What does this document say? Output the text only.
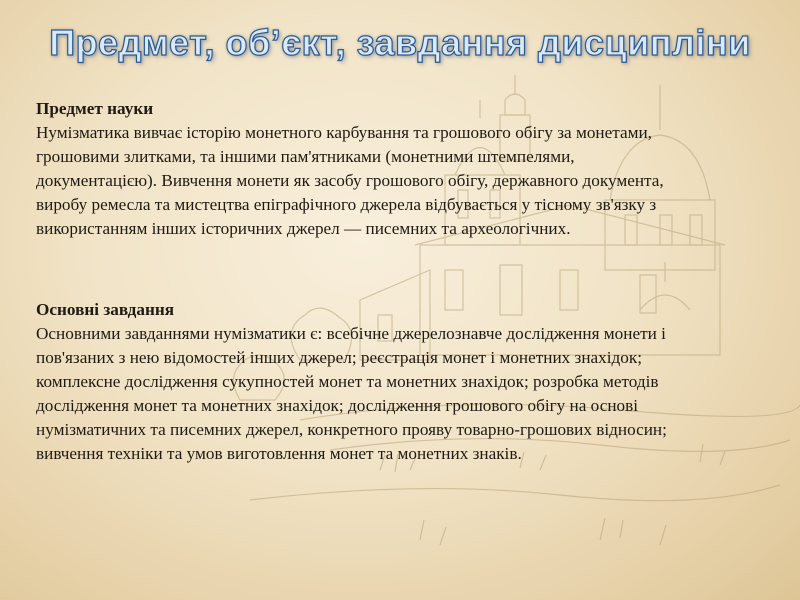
Предмет, об’єкт, завдання дисципліни
Предмет науки
Нумізматика вивчає історію монетного карбування та грошового обігу за монетами, грошовими злитками, та іншими пам'ятниками (монетними штемпелями, документацією). Вивчення монети як засобу грошового обігу, державного документа, виробу ремесла та мистецтва епіграфічного джерела відбувається у тісному зв'язку з використанням інших історичних джерел — писемних та археологічних.
Основні завдання
Основними завданнями нумізматики є: всебічне джерелознавче дослідження монети і пов'язаних з нею відомостей інших джерел; реєстрація монет і монетних знахідок; комплексне дослідження сукупностей монет та монетних знахідок; розробка методів дослідження монет та монетних знахідок; дослідження грошового обігу на основі нумізматичних та писемних джерел, конкретного прояву товарно-грошових відносин; вивчення техніки та умов виготовлення монет та монетних знаків.
